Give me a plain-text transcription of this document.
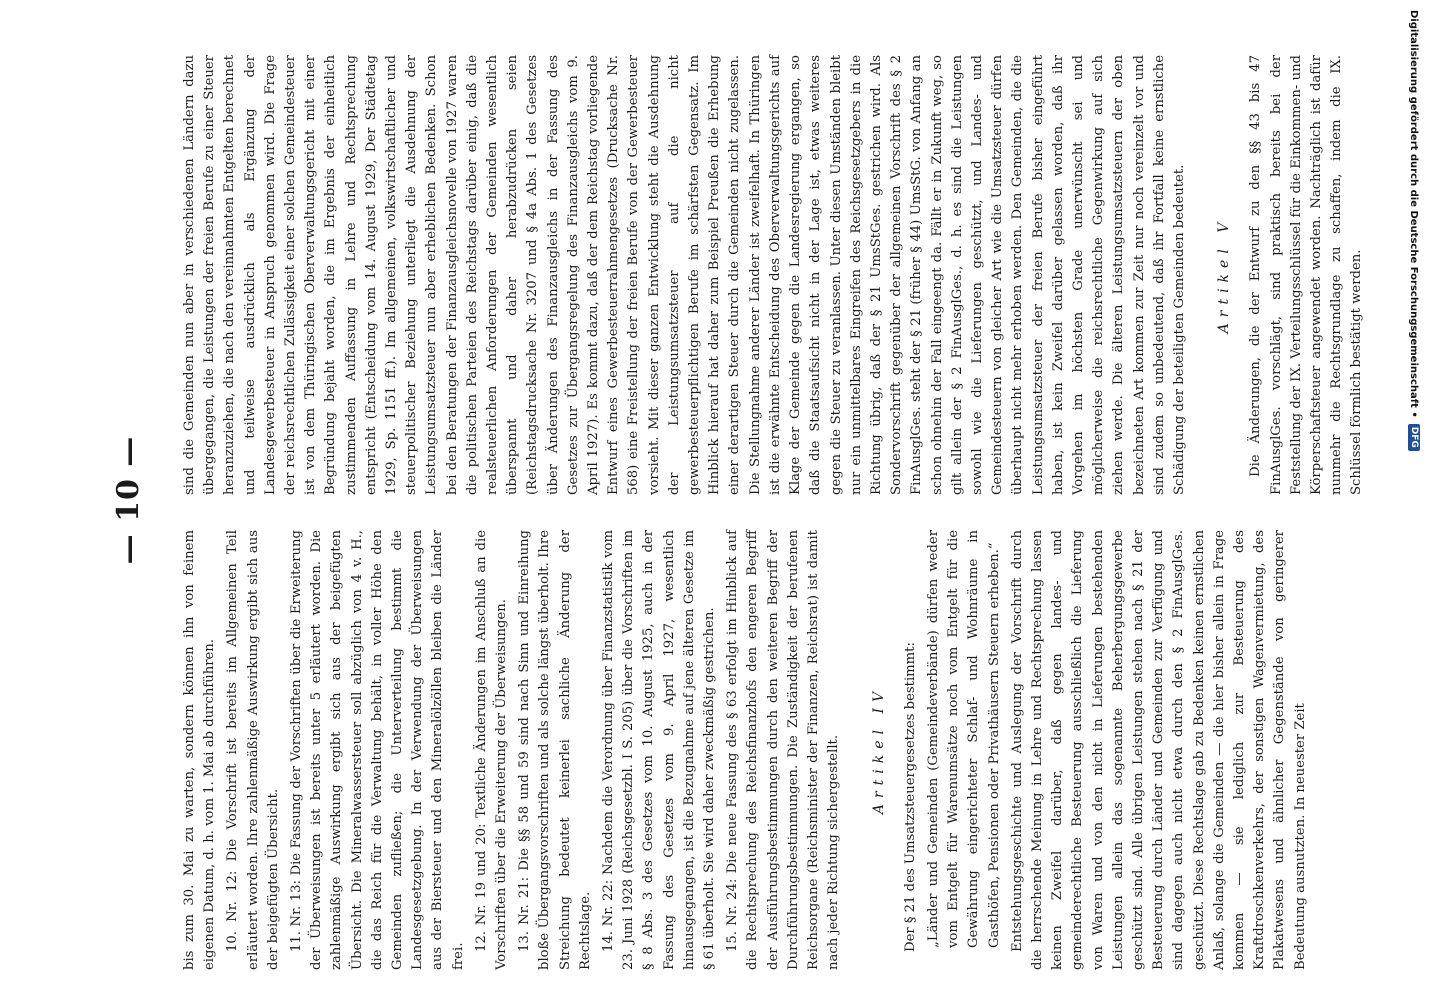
— 10 —

bis zum 30. Mai zu warten, sondern können ihn von feinem eigenen Datum, d. h. vom 1. Mai ab durchführen. 10. Nr. 12: Die Vorschrift ist bereits im Allgemeinen Teil erläutert worden. Ihre zahlenmäßige Auswirkung ergibt sich aus der beigefügten Übersicht. 11. Nr. 13: Die Fassung der Vorschriften über die Erweiterung der Überweisungen ist bereits unter 5 erläutert worden. Die zahlenmäßige Auswirkung ergibt sich aus der beigefügten Übersicht. Die Mineralwassersteuer soll abzüglich von 4 v. H., die das Reich für die Verwaltung behält, in voller Höhe den Gemeinden zufließen; die Unterverteilung bestimmt die Landesgesetzgebung. In der Verwendung der Überweisungen aus der Biersteuer und den Mineralölzöllen bleiben die Länder frei.

12. Nr. 19 und 20: Textliche Änderungen im Anschluß an die Vorschriften über die Erweiterung der Überweisungen. 13. Nr. 21: Die §§ 58 und 59 sind nach Sinn und Einreihung bloße Übergangsvorschriften und als solche längst überholt. Ihre Streichung bedeutet keinerlei sachliche Änderung der Rechtslage. 14. Nr. 22: Nachdem die Verordnung über Finanzstatistik vom 23. Juni 1928 (Reichsgesetzbl. I S. 205) über die Vorschriften im § 8 Abs. 3 des Gesetzes vom 10. August 1925, auch in der Fassung des Gesetzes vom 9. April 1927, wesentlich hinausgegangen, ist die Bezugnahme auf jene älteren Gesetze im § 61 überholt. Sie wird daher zweckmäßig gestrichen. 15. Nr. 24: Die neue Fassung des § 63 erfolgt im Hinblick auf die Rechtsprechung des Reichsfinanzhofs den engeren Begriff der Ausführungsbestimmungen durch den weiteren Begriff der Durchführungsbestimmungen. Die Zuständigkeit der berufenen Reichsorgane (Reichsminister der Finanzen, Reichsrat) ist damit nach jeder Richtung sichergestellt. Artikel IV Der § 21 des Umsatzsteuergesetzes bestimmt: „Länder und Gemeinden (Gemeindeverbände) dürfen weder vom Entgelt für Warenumsätze noch vom Entgelt für die Gewährung eingerichteter Schlaf- und Wohnräume in Gasthöfen, Pensionen oder Privathäusern Steuern erheben.“ Entstehungsgeschichte und Auslegung der Vorschrift durch die herrschende Meinung in Lehre und Rechtsprechung lassen keinen Zweifel darüber, daß gegen landes- und gemeinderechtliche Besteuerung ausschließlich die Lieferung von Waren und von den nicht in Lieferungen bestehenden Leistungen allein das sogenannte Beherbergungsgewerbe geschützt sind. Alle übrigen Leistungen stehen nach § 21 der Besteuerung durch Länder und Gemeinden zur Verfügung und sind dagegen auch nicht etwa durch den § 2 FinAusglGes. geschützt. Diese Rechtslage gab zu Bedenken keinen ernstlichen Anlaß, solange die Gemeinden — die hier bisher allein in Frage kommen — sie lediglich zur Besteuerung des Kraftdroschkenverkehrs, der sonstigen Wagenvermietung, des Plakatwesens und ähnlicher Gegenstände von geringerer Bedeutung ausnutzten. In neuester Zeit

sind die Gemeinden nun aber in verschiedenen Ländern dazu übergegangen, die Leistungen der freien Berufe zu einer Steuer heranzuziehen, die nach den vereinnahmten Entgelten berechnet und teilweise ausdrücklich als Ergänzung der Landesgewerbesteuer in Anspruch genommen wird. Die Frage der reichsrechtlichen Zulässigkeit einer solchen Gemeindesteuer ist von dem Thüringischen Oberverwaltungsgericht mit einer Begründung bejaht worden, die im Ergebnis der einheitlich zustimmenden Auffassung in Lehre und Rechtsprechung entspricht (Entscheidung vom 14. August 1929, Der Städtetag 1929, Sp. 1151 ff.). Im allgemeinen, volkswirtschaftlicher und steuerpolitischer Beziehung unterliegt die Ausdehnung der Leistungsumsatzsteuer nun aber erheblichen Bedenken. Schon bei den Beratungen der Finanzausgleichsnovelle von 1927 waren die politischen Parteien des Reichstags darüber einig, daß die realsteuerlichen Anforderungen der Gemeinden wesentlich überspannt und daher herabzudrücken seien (Reichstagsdrucksache Nr. 3207 und § 4a Abs. 1 des Gesetzes über Änderungen des Finanzausgleichs in der Fassung des Gesetzes zur Übergangsregelung des Finanzausgleichs vom 9. April 1927). Es kommt dazu, daß der dem Reichstag vorliegende Entwurf eines Gewerbesteuerrahmengesetzes (Drucksache Nr. 568) eine Freistellung der freien Berufe von der Gewerbesteuer vorsieht. Mit dieser ganzen Entwicklung steht die Ausdehnung der Leistungsumsatzsteuer auf die nicht gewerbesteuerpflichtigen Berufe im schärfsten Gegensatz. Im Hinblick hierauf hat daher zum Beispiel Preußen die Erhebung einer derartigen Steuer durch die Gemeinden nicht zugelassen. Die Stellungnahme anderer Länder ist zweifelhaft. In Thüringen ist die erwähnte Entscheidung des Oberverwaltungsgerichts auf Klage der Gemeinde gegen die Landesregierung ergangen, so daß die Staatsaufsicht nicht in der Lage ist, etwas weiteres gegen die Steuer zu veranlassen. Unter diesen Umständen bleibt nur ein unmittelbares Eingreifen des Reichsgesetzgebers in die Richtung übrig, daß der § 21 UmsStGes. gestrichen wird. Als Sondervorschrift gegenüber der allgemeinen Vorschrift des § 2 FinAusglGes. steht der § 21 (früher § 44) UmsStG. von Anfang an schon ohnehin der Fall eingeengt da. Fällt er in Zukunft weg, so gilt allein der § 2 FinAusglGes., d. h. es sind die Leistungen sowohl wie die Lieferungen geschützt, und Landes- und Gemeindesteuern von gleicher Art wie die Umsatzsteuer dürfen überhaupt nicht mehr erhoben werden. Den Gemeinden, die die Leistungsumsatzsteuer der freien Berufe bisher eingeführt haben, ist kein Zweifel darüber gelassen worden, daß ihr Vorgehen im höchsten Grade unerwünscht sei und möglicherweise die reichsrechtliche Gegenwirkung auf sich ziehen werde. Die älteren Leistungsumsatzsteuern der oben bezeichneten Art kommen zur Zeit nur noch vereinzelt vor und sind zudem so unbedeutend, daß ihr Fortfall keine ernstliche Schädigung der beteiligten Gemeinden bedeutet. Artikel V Die Änderungen, die der Entwurf zu den §§ 43 bis 47 FinAusglGes. vorschlägt, sind praktisch bereits bei der Feststellung der IX. Verteilungsschlüssel für die Einkommen- und Körperschaftsteuer angewendet worden. Nachträglich ist dafür nunmehr die Rechtsgrundlage zu schaffen, indem die IX. Schlüssel förmlich bestätigt werden.	Digitalisierung gefördert durch die Deutsche Forschungsgemeinschaft •
DFG
